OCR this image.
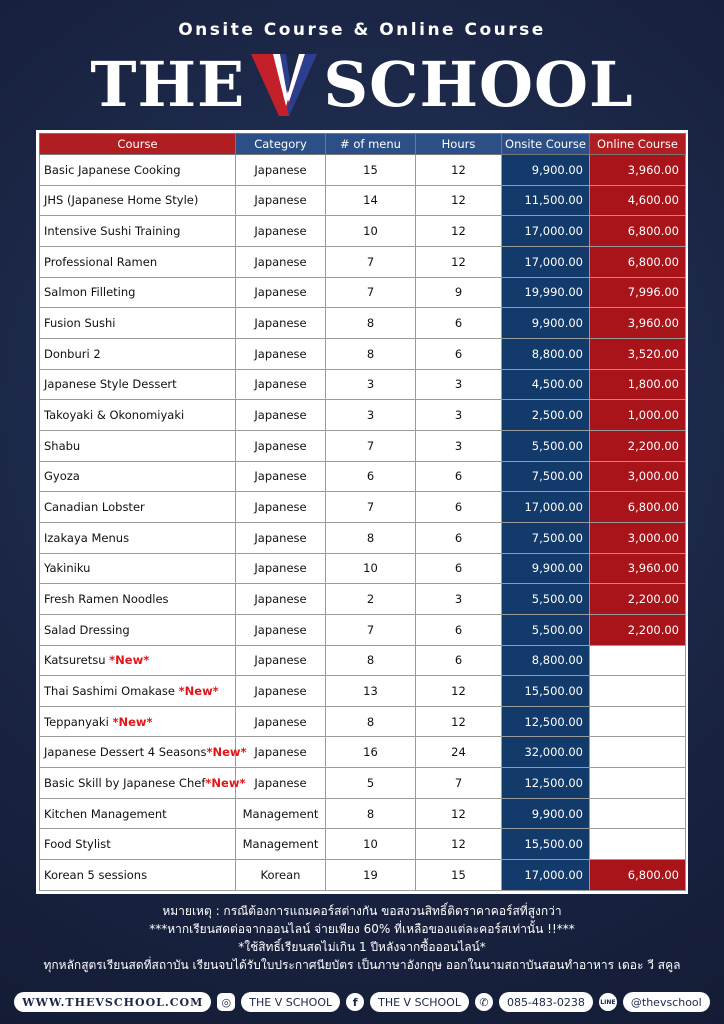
Onsite Course & Online Course
THE SCHOOL
Course	Category	# of menu	Hours	Onsite Course	Online Course
Basic Japanese Cooking	Japanese	15	12	9,900.00	3,960.00
JHS (Japanese Home Style)	Japanese	14	12	11,500.00	4,600.00
Intensive Sushi Training	Japanese	10	12	17,000.00	6,800.00
Professional Ramen	Japanese	7	12	17,000.00	6,800.00
Salmon Filleting	Japanese	7	9	19,990.00	7,996.00
Fusion Sushi	Japanese	8	6	9,900.00	3,960.00
Donburi 2	Japanese	8	6	8,800.00	3,520.00
Japanese Style Dessert	Japanese	3	3	4,500.00	1,800.00
Takoyaki & Okonomiyaki	Japanese	3	3	2,500.00	1,000.00
Shabu	Japanese	7	3	5,500.00	2,200.00
Gyoza	Japanese	6	6	7,500.00	3,000.00
Canadian Lobster	Japanese	7	6	17,000.00	6,800.00
Izakaya Menus	Japanese	8	6	7,500.00	3,000.00
Yakiniku	Japanese	10	6	9,900.00	3,960.00
Fresh Ramen Noodles	Japanese	2	3	5,500.00	2,200.00
Salad Dressing	Japanese	7	6	5,500.00	2,200.00
Katsuretsu *New*	Japanese	8	6	8,800.00	
Thai Sashimi Omakase *New*	Japanese	13	12	15,500.00	
Teppanyaki *New*	Japanese	8	12	12,500.00	
Japanese Dessert 4 Seasons*New*	Japanese	16	24	32,000.00	
Basic Skill by Japanese Chef*New*	Japanese	5	7	12,500.00	
Kitchen Management	Management	8	12	9,900.00	
Food Stylist	Management	10	12	15,500.00	
Korean 5 sessions	Korean	19	15	17,000.00	6,800.00
หมายเหตุ : กรณีต้องการแถมคอร์สต่างกัน ขอสงวนสิทธิ์ติดราคาคอร์สที่สูงกว่า
***หากเรียนสดต่อจากออนไลน์ จ่ายเพียง 60% ที่เหลือของแต่ละคอร์สเท่านั้น !!***
*ใช้สิทธิ์เรียนสดไม่เกิน 1 ปีหลังจากซื้อออนไลน์*
ทุกหลักสูตรเรียนสดที่สถาบัน เรียนจบได้รับใบประกาศนียบัตร เป็นภาษาอังกฤษ ออกในนามสถาบันสอนทำอาหาร เดอะ วี สคูล
WWW.THEVSCHOOL.COM	◎	THE V SCHOOL	f	THE V SCHOOL	✆	085-483-0238	LINE	@thevschool
